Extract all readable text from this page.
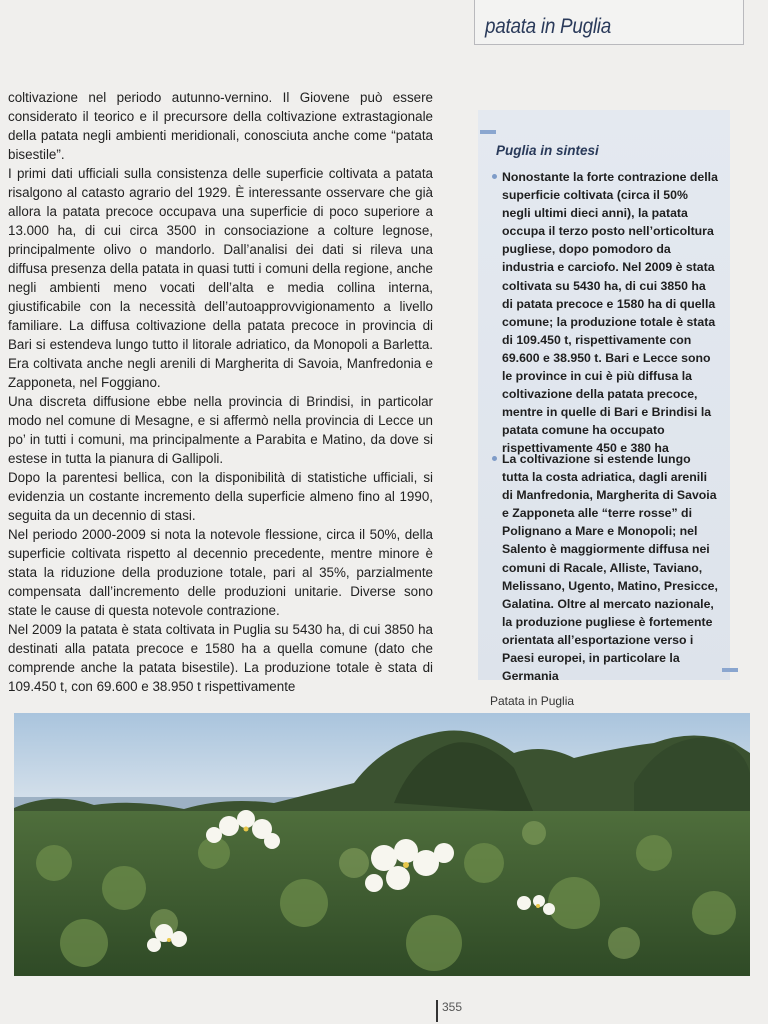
patata in Puglia

coltivazione nel periodo autunno-vernino. Il Giovene può essere considerato il teorico e il precursore della coltivazione extrastagionale della patata negli ambienti meridionali, conosciuta anche come “patata bisestile”.

I primi dati ufficiali sulla consistenza delle superficie coltivata a patata risalgono al catasto agrario del 1929. È interessante osservare che già allora la patata precoce occupava una superficie di poco superiore a 13.000 ha, di cui circa 3500 in consociazione a colture legnose, principalmente olivo o mandorlo. Dall’analisi dei dati si rileva una diffusa presenza della patata in quasi tutti i comuni della regione, anche negli ambienti meno vocati dell’alta e media collina interna, giustificabile con la necessità dell’autoapprovvigionamento a livello familiare. La diffusa coltivazione della patata precoce in provincia di Bari si estendeva lungo tutto il litorale adriatico, da Monopoli a Barletta. Era coltivata anche negli arenili di Margherita di Savoia, Manfredonia e Zapponeta, nel Foggiano.

Una discreta diffusione ebbe nella provincia di Brindisi, in particolar modo nel comune di Mesagne, e si affermò nella provincia di Lecce un po’ in tutti i comuni, ma principalmente a Parabita e Matino, da dove si estese in tutta la pianura di Gallipoli.

Dopo la parentesi bellica, con la disponibilità di statistiche ufficiali, si evidenzia un costante incremento della superficie almeno fino al 1990, seguita da un decennio di stasi.

Nel periodo 2000-2009 si nota la notevole flessione, circa il 50%, della superficie coltivata rispetto al decennio precedente, mentre minore è stata la riduzione della produzione totale, pari al 35%, parzialmente compensata dall’incremento delle produzioni unitarie. Diverse sono state le cause di questa notevole contrazione.

Nel 2009 la patata è stata coltivata in Puglia su 5430 ha, di cui 3850 ha destinati alla patata precoce e 1580 ha a quella comune (dato che comprende anche la patata bisestile). La produzione totale è stata di 109.450 t, con 69.600 e 38.950 t rispettivamente

Puglia in sintesi
Nonostante la forte contrazione della superficie coltivata (circa il 50% negli ultimi dieci anni), la patata occupa il terzo posto nell’orticoltura pugliese, dopo pomodoro da industria e carciofo. Nel 2009 è stata coltivata su 5430 ha, di cui 3850 ha di patata precoce e 1580 ha di quella comune; la produzione totale è stata di 109.450 t, rispettivamente con 69.600 e 38.950 t. Bari e Lecce sono le province in cui è più diffusa la coltivazione della patata precoce, mentre in quelle di Bari e Brindisi la patata comune ha occupato rispettivamente 450 e 380 ha
La coltivazione si estende lungo tutta la costa adriatica, dagli arenili di Manfredonia, Margherita di Savoia e Zapponeta alle “terre rosse” di Polignano a Mare e Monopoli; nel Salento è maggiormente diffusa nei comuni di Racale, Alliste, Taviano, Melissano, Ugento, Matino, Presicce, Galatina. Oltre al mercato nazionale, la produzione pugliese è fortemente orientata all’esportazione verso i Paesi europei, in particolare la Germania
Patata in Puglia
355
